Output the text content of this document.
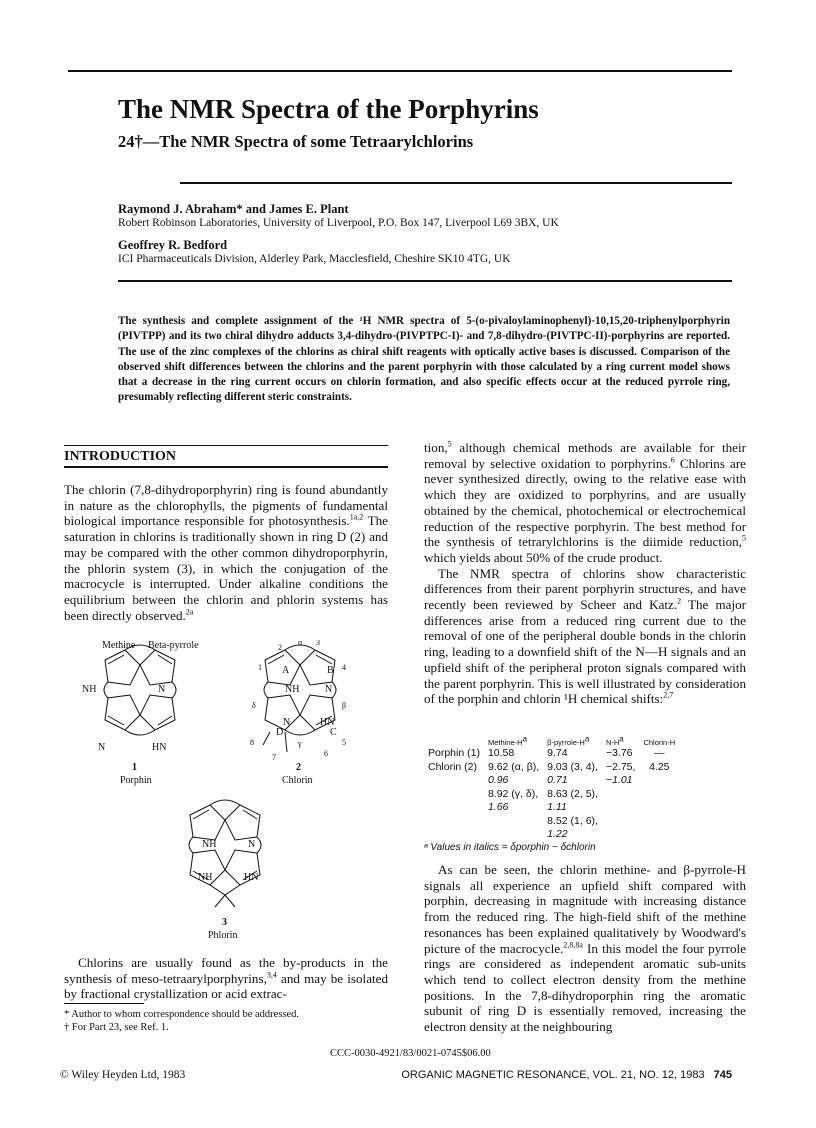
The NMR Spectra of the Porphyrins
24†—The NMR Spectra of some Tetraarylchlorins
Raymond J. Abraham* and James E. Plant
Robert Robinson Laboratories, University of Liverpool, P.O. Box 147, Liverpool L69 3BX, UK
Geoffrey R. Bedford
ICI Pharmaceuticals Division, Alderley Park, Macclesfield, Cheshire SK10 4TG, UK
The synthesis and complete assignment of the ¹H NMR spectra of 5-(o-pivaloylaminophenyl)-10,15,20-triphenylporphyrin (PIVTPP) and its two chiral dihydro adducts 3,4-dihydro-(PIVPTPC-I)- and 7,8-dihydro-(PIVTPC-II)-porphyrins are reported. The use of the zinc complexes of the chlorins as chiral shift reagents with optically active bases is discussed. Comparison of the observed shift differences between the chlorins and the parent porphyrin with those calculated by a ring current model shows that a decrease in the ring current occurs on chlorin formation, and also specific effects occur at the reduced pyrrole ring, presumably reflecting different steric constraints.
INTRODUCTION

The chlorin (7,8-dihydroporphyrin) ring is found abundantly in nature as the chlorophylls, the pigments of fundamental biological importance responsible for photosynthesis.$^{1a,2}$ The saturation in chlorins is traditionally shown in ring D (2) and may be compared with the other common dihydroporphyrin, the phlorin system (3), in which the conjugation of the macrocycle is interrupted. Under alkaline conditions the equilibrium between the chlorin and phlorin systems has been directly observed.$^{2a}$

Methine Beta-pyrrole
NH	N
N	HN
1
Porphin
A	B
C
D
NH	N
N	HN
2
3
1	4
5
6
7
8
α
β
γ
δ
2
Chlorin
NH	N
NH	HN
3
Phlorin

Chlorins are usually found as the by-products in the synthesis of meso-tetraarylporphyrins,$^{3,4}$ and may be isolated by fractional crystallization or acid extrac-

* Author to whom correspondence should be addressed.
† For Part 23, see Ref. 1.

tion,$^5$ although chemical methods are available for their removal by selective oxidation to porphyrins.$^6$ Chlorins are never synthesized directly, owing to the relative ease with which they are oxidized to porphyrins, and are usually obtained by the chemical, photochemical or electrochemical reduction of the respective porphyrin. The best method for the synthesis of tetrarylchlorins is the diimide reduction,$^5$ which yields about 50% of the crude product.

The NMR spectra of chlorins show characteristic differences from their parent porphyrin structures, and have recently been reviewed by Scheer and Katz.$^2$ The major differences arise from a reduced ring current due to the removal of one of the peripheral double bonds in the chlorin ring, leading to a downfield shift of the N—H signals and an upfield shift of the peripheral proton signals compared with the parent porphyrin. This is well illustrated by consideration of the porphin and chlorin ¹H chemical shifts:$^{2,7}$

	Methine-$H^a$	$\beta-pyrrole-H^a$	$N-H^a$	Chlorin-H
Porphin (1)	10.58	9.74	−3.76	—
Chlorin (2)	9.62 (α, β),	9.03 (3, 4),	−2.75,	4.25
	0.96	0.71	−1.01	
	8.92 (γ, δ),	8.63 (2, 5),		
	1.66	1.11		
		8.52 (1, 6),		
		1.22		
ᵃ Values in italics = δporphin − δchlorin

As can be seen, the chlorin methine- and β-pyrrole-H signals all experience an upfield shift compared with porphin, decreasing in magnitude with increasing distance from the reduced ring. The high-field shift of the methine resonances has been explained qualitatively by Woodward's picture of the macrocycle.$^{2,8,8a}$ In this model the four pyrrole rings are considered as independent aromatic sub-units which tend to collect electron density from the methine positions. In the 7,8-dihydroporphin ring the aromatic subunit of ring D is essentially removed, increasing the electron density at the neighbouring

CCC-0030-4921/83/0021-0745$06.00
© Wiley Heyden Ltd, 1983	ORGANIC MAGNETIC RESONANCE, VOL. 21, NO. 12, 1983 745
